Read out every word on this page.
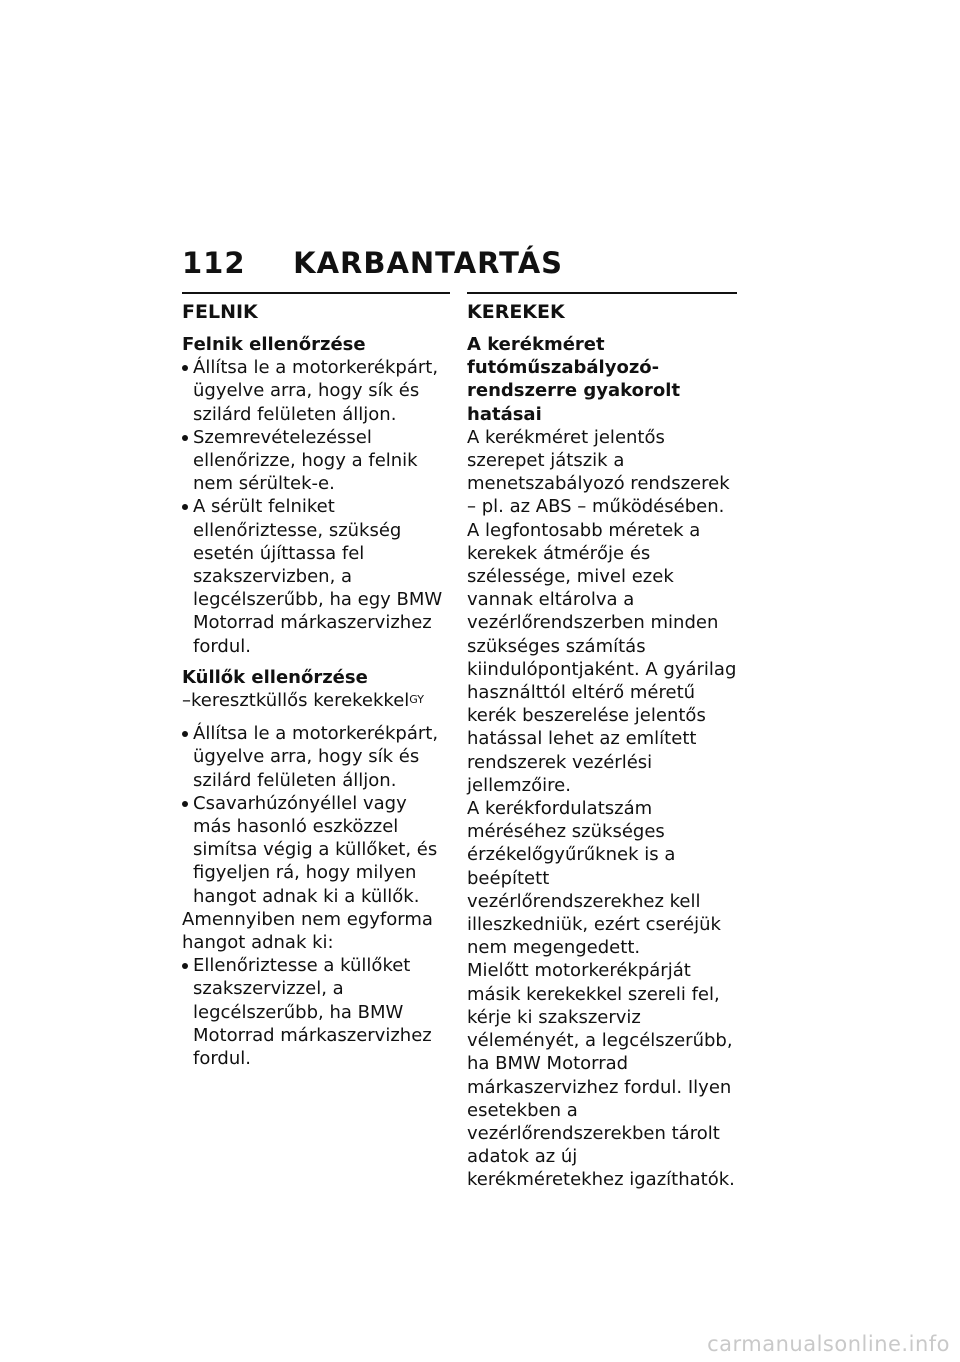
112 KARBANTARTÁS
FELNIK
Felnik ellenőrzése
Állítsa le a motorkerékpárt, ügyelve arra, hogy sík és szilárd felületen álljon.
Szemrevételezéssel ellenőrizze, hogy a felnik nem sérültek-e.
A sérült felniket ellenőriztesse, szükség esetén újíttassa fel szakszervizben, a legcélszerűbb, ha egy BMW Motorrad márkaszervizhez fordul.
Küllők ellenőrzése
–keresztküllős kerekekkel$^{GY}$
Állítsa le a motorkerékpárt, ügyelve arra, hogy sík és szilárd felületen álljon.
Csavarhúzónyéllel vagy más hasonló eszközzel simítsa végig a küllőket, és figyeljen rá, hogy milyen hangot adnak ki a küllők.

Amennyiben nem egyforma hangot adnak ki:

Ellenőriztesse a küllőket szakszervizzel, a legcélszerűbb, ha BMW Motorrad márkaszervizhez fordul.
KEREKEK
A kerékméret futóműszabályozó-rendszerre gyakorolt hatásai

A kerékméret jelentős szerepet játszik a menetszabályozó rendszerek – pl. az ABS – működésében. A legfontosabb méretek a kerekek átmérője és szélessége, mivel ezek vannak eltárolva a vezérlőrendszerben minden szükséges számítás kiindulópontjaként. A gyárilag használttól eltérő méretű kerék beszerelése jelentős hatással lehet az említett rendszerek vezérlési jellemzőire.

A kerékfordulatszám méréséhez szükséges érzékelőgyűrűknek is a beépített vezérlőrendszerekhez kell illeszkedniük, ezért cseréjük nem megengedett.

Mielőtt motorkerékpárját másik kerekekkel szereli fel, kérje ki szakszerviz véleményét, a legcélszerűbb, ha BMW Motorrad márkaszervizhez fordul. Ilyen esetekben a vezérlőrendszerekben tárolt adatok az új kerékméretekhez igazíthatók.

carmanualsonline.info
